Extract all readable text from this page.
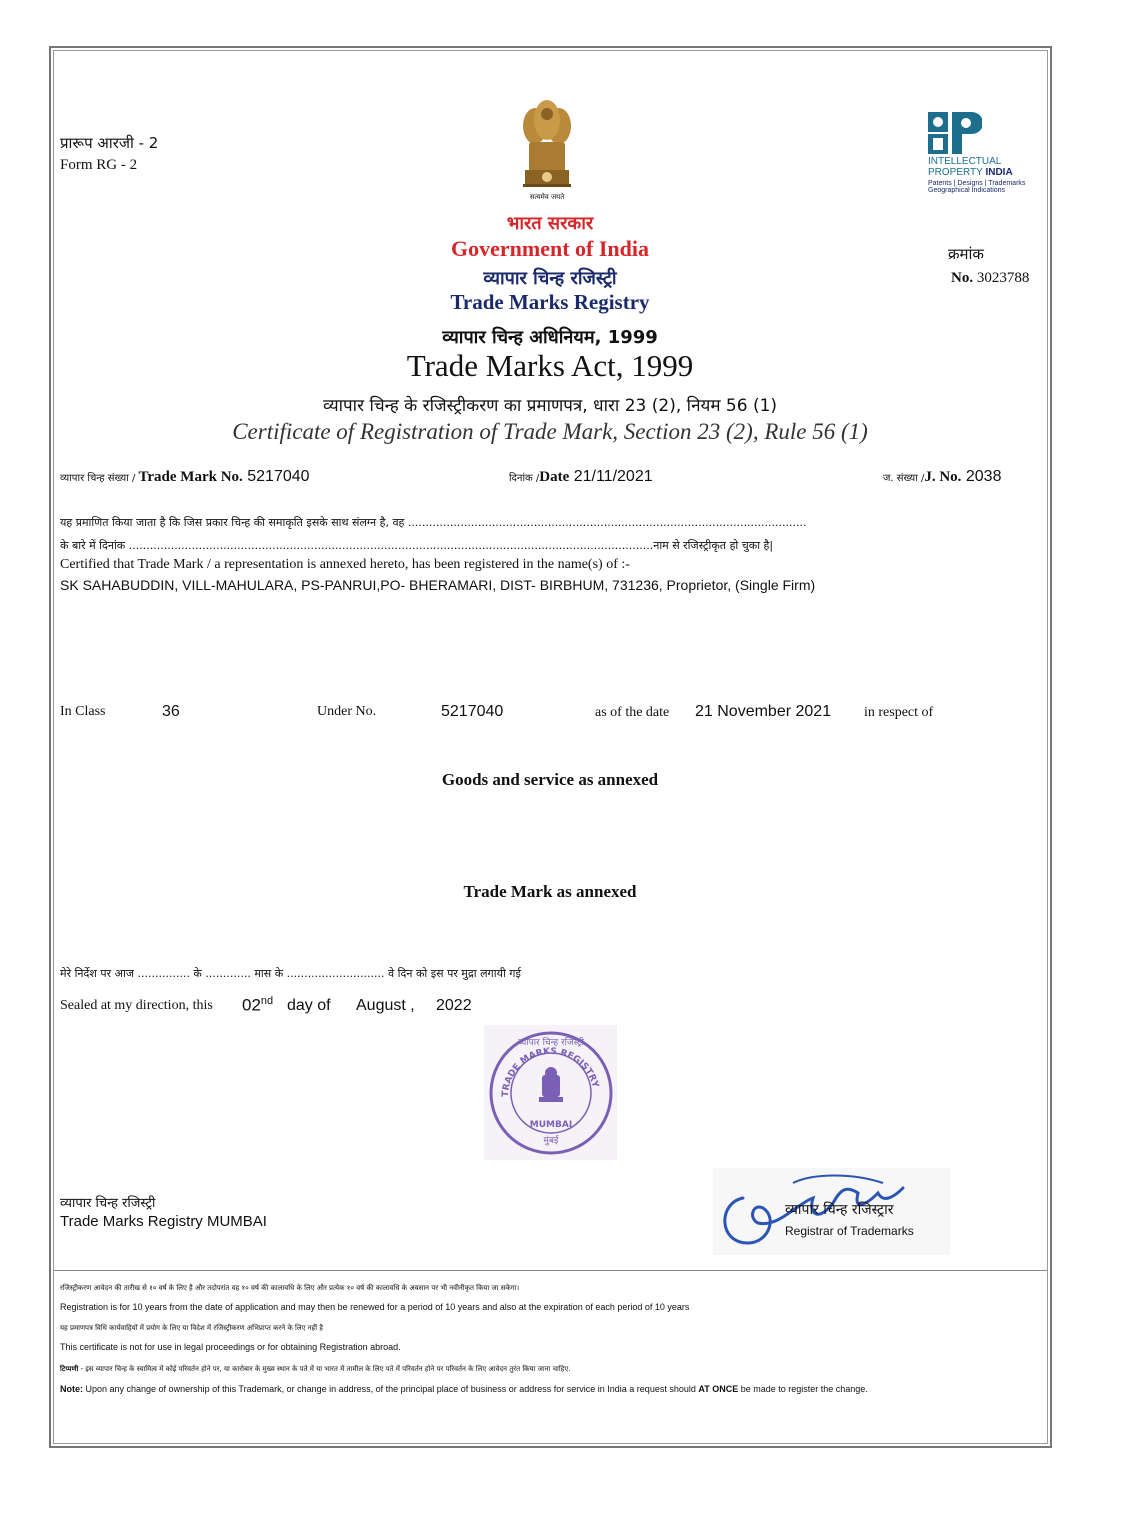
प्रारूप आरजी - 2
Form RG - 2
सत्यमेव जयते
INTELLECTUAL
PROPERTY INDIA
Patents | Designs | Trademarks
Geographical Indications
भारत सरकार
Government of India
व्यापार चिन्ह रजिस्ट्री
Trade Marks Registry
व्यापार चिन्ह अधिनियम, 1999
Trade Marks Act, 1999
व्यापार चिन्ह के रजिस्ट्रीकरण का प्रमाणपत्र, धारा 23 (2), नियम 56 (1)
Certificate of Registration of Trade Mark, Section 23 (2), Rule 56 (1)
क्रमांक
No. 3023788
व्यापार चिन्ह संख्या / Trade Mark No. 5217040	दिनांक /Date 21/11/2021	ज. संख्या /J. No. 2038
यह प्रमाणित किया जाता है कि जिस प्रकार चिन्ह की समाकृति इसके साथ संलग्न है, वह ..................................................................................................................
के बारे में दिनांक ......................................................................................................................................................नाम से रजिस्ट्रीकृत हो चुका है|
Certified that Trade Mark / a representation is annexed hereto, has been registered in the name(s) of :-
SK SAHABUDDIN, VILL-MAHULARA, PS-PANRUI,PO- BHERAMARI, DIST- BIRBHUM, 731236, Proprietor, (Single Firm)
In Class	36	Under No.	5217040	as of the date 21 November 2021 in respect of
Goods and service as annexed
Trade Mark as annexed
मेरे निर्देश पर आज ............... के ............. मास के ............................ वे दिन को इस पर मुद्रा लगायी गई
Sealed at my direction, this 02nd day of August , 2022
TRADE MARKS REGISTRY
MUMBAI
मुंबई
व्यापार चिन्ह रजिस्ट्री
व्यापार चिन्ह रजिस्ट्री
Trade Marks Registry MUMBAI
व्यापार चिन्ह रजिस्ट्रार
Registrar of Trademarks
रजिस्ट्रीकरण आवेदन की तारीख से १० वर्ष के लिए है और तदोपरांत वह १० वर्ष की कालावधि के लिए और प्रत्येक १० वर्ष की कालावधि के अवसान पर भी नवीनीकृत किया जा सकेगा।
Registration is for 10 years from the date of application and may then be renewed for a period of 10 years and also at the expiration of each period of 10 years
यह प्रमाणपत्र विधि कार्यवाहियों में प्रयोग के लिए या विदेश में रजिस्ट्रीकरण अभिप्राप्त करने के लिए नहीं है
This certificate is not for use in legal proceedings or for obtaining Registration abroad.
टिप्पणी - इस व्यापार चिन्ह के स्वामित्व में कोई परिवर्तन होने पर, या कारोबार के मुख्य स्थान के पते में या भारत में तामील के लिए पते में परिवर्तन होने पर परिवर्तन के लिए आवेदन तुरंत किया जाना चाहिए.
Note: Upon any change of ownership of this Trademark, or change in address, of the principal place of business or address for service in India a request should AT ONCE be made to register the change.
